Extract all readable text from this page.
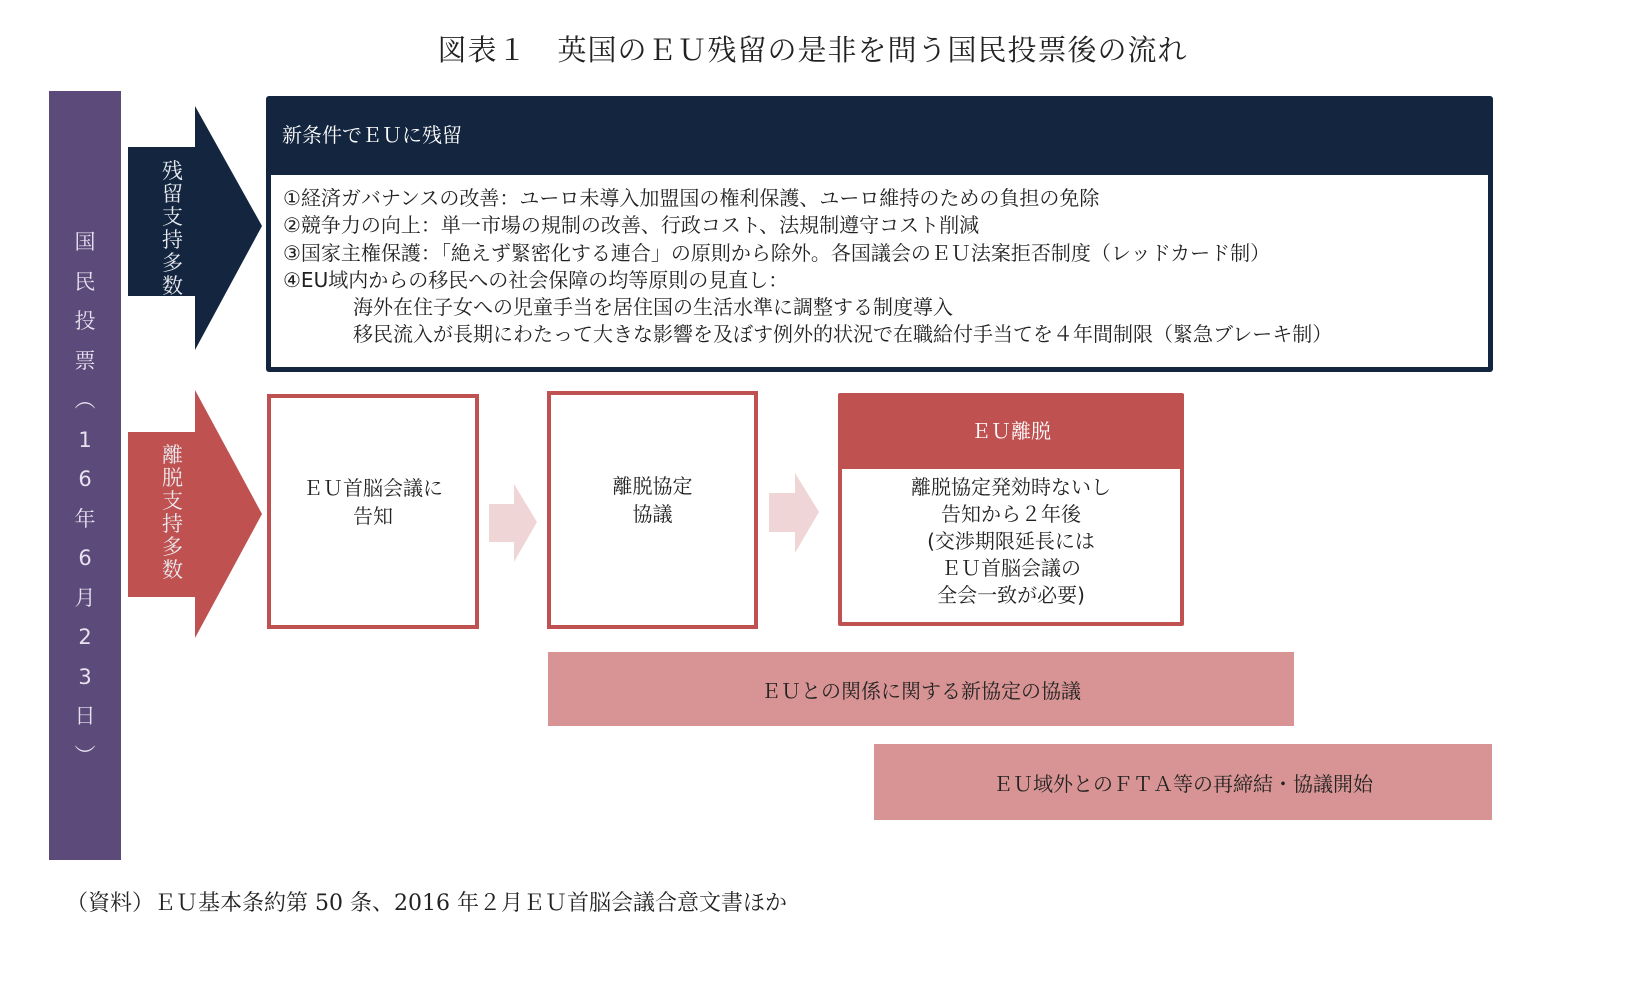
図表１　英国のＥＵ残留の是非を問う国民投票後の流れ
国
民
投
票
︵
1
6
年
6
月
2
3
日
︶
残
留
支
持
多
数
新条件でＥＵに残留
①経済ガバナンスの改善：ユーロ未導入加盟国の権利保護、ユーロ維持のための負担の免除
②競争力の向上：単一市場の規制の改善、行政コスト、法規制遵守コスト削減
③国家主権保護：「絶えず緊密化する連合」の原則から除外。各国議会のＥＵ法案拒否制度（レッドカード制）
④EU域内からの移民への社会保障の均等原則の見直し：
海外在住子女への児童手当を居住国の生活水準に調整する制度導入
移民流入が長期にわたって大きな影響を及ぼす例外的状況で在職給付手当てを４年間制限（緊急ブレーキ制）
離
脱
支
持
多
数
ＥＵ首脳会議に
告知
離脱協定
協議
ＥＵ離脱
離脱協定発効時ないし
告知から２年後
(交渉期限延長には
ＥＵ首脳会議の
全会一致が必要)
ＥＵとの関係に関する新協定の協議
ＥＵ域外とのＦＴＡ等の再締結・協議開始
（資料）ＥＵ基本条約第 50 条、2016 年２月ＥＵ首脳会議合意文書ほか
